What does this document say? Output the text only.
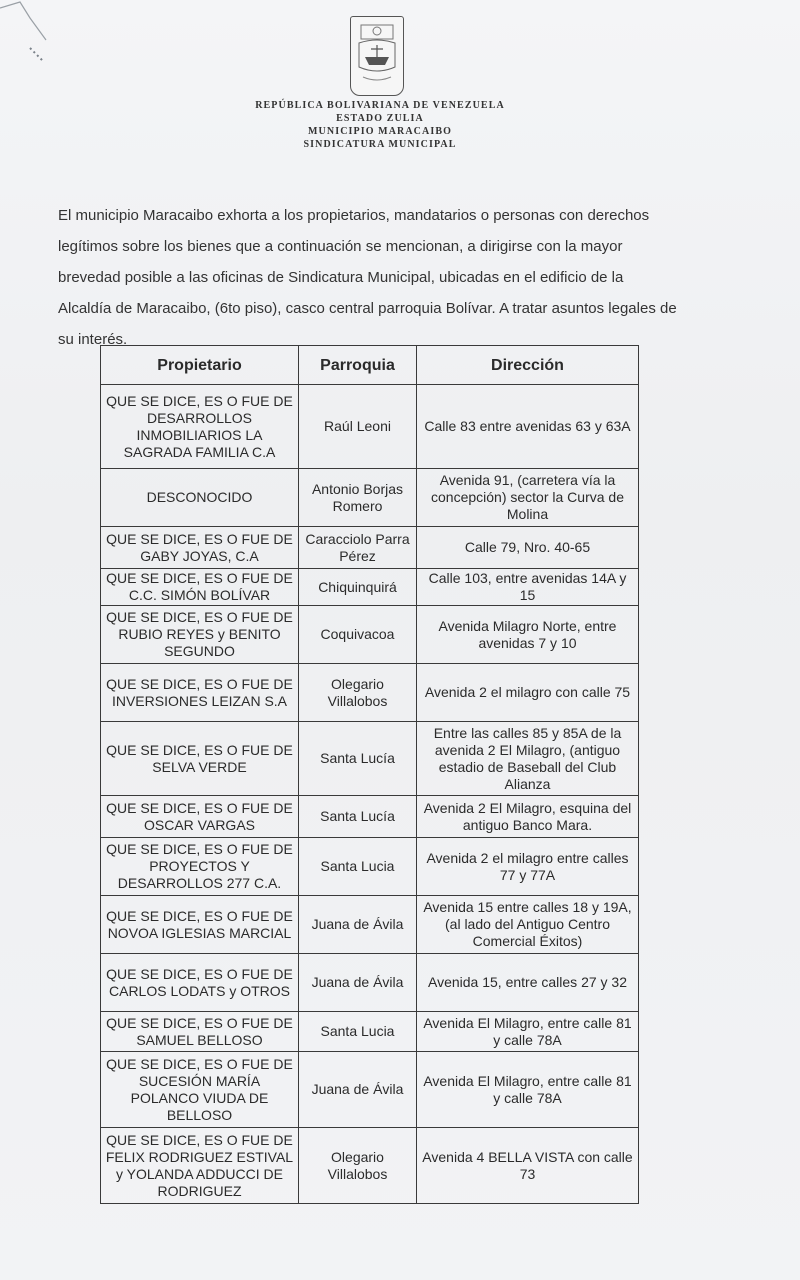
REPÚBLICA BOLIVARIANA DE VENEZUELA
ESTADO ZULIA
MUNICIPIO MARACAIBO
SINDICATURA MUNICIPAL
El municipio Maracaibo exhorta a los propietarios, mandatarios o personas con derechos legítimos sobre los bienes que a continuación se mencionan, a dirigirse con la mayor brevedad posible a las oficinas de Sindicatura Municipal, ubicadas en el edificio de la Alcaldía de Maracaibo, (6to piso), casco central parroquia Bolívar. A tratar asuntos legales de su interés.
Propietario	Parroquia	Dirección
QUE SE DICE, ES O FUE DE DESARROLLOS INMOBILIARIOS LA SAGRADA FAMILIA C.A	Raúl Leoni	Calle 83 entre avenidas 63 y 63A
DESCONOCIDO	Antonio Borjas Romero	Avenida 91, (carretera vía la concepción) sector la Curva de Molina
QUE SE DICE, ES O FUE DE GABY JOYAS, C.A	Caracciolo Parra Pérez	Calle 79, Nro. 40-65
QUE SE DICE, ES O FUE DE C.C. SIMÓN BOLÍVAR	Chiquinquirá	Calle 103, entre avenidas 14A y 15
QUE SE DICE, ES O FUE DE RUBIO REYES y BENITO SEGUNDO	Coquivacoa	Avenida Milagro Norte, entre avenidas 7 y 10
QUE SE DICE, ES O FUE DE INVERSIONES LEIZAN S.A	Olegario Villalobos	Avenida 2 el milagro con calle 75
QUE SE DICE, ES O FUE DE SELVA VERDE	Santa Lucía	Entre las calles 85 y 85A de la avenida 2 El Milagro, (antiguo estadio de Baseball del Club Alianza
QUE SE DICE, ES O FUE DE OSCAR VARGAS	Santa Lucía	Avenida 2 El Milagro, esquina del antiguo Banco Mara.
QUE SE DICE, ES O FUE DE PROYECTOS Y DESARROLLOS 277 C.A.	Santa Lucia	Avenida 2 el milagro entre calles 77 y 77A
QUE SE DICE, ES O FUE DE NOVOA IGLESIAS MARCIAL	Juana de Ávila	Avenida 15 entre calles 18 y 19A, (al lado del Antiguo Centro Comercial Éxitos)
QUE SE DICE, ES O FUE DE CARLOS LODATS y OTROS	Juana de Ávila	Avenida 15, entre calles 27 y 32
QUE SE DICE, ES O FUE DE SAMUEL BELLOSO	Santa Lucia	Avenida El Milagro, entre calle 81 y calle 78A
QUE SE DICE, ES O FUE DE SUCESIÓN MARÍA POLANCO VIUDA DE BELLOSO	Juana de Ávila	Avenida El Milagro, entre calle 81 y calle 78A
QUE SE DICE, ES O FUE DE FELIX RODRIGUEZ ESTIVAL y YOLANDA ADDUCCI DE RODRIGUEZ	Olegario Villalobos	Avenida 4 BELLA VISTA con calle 73
